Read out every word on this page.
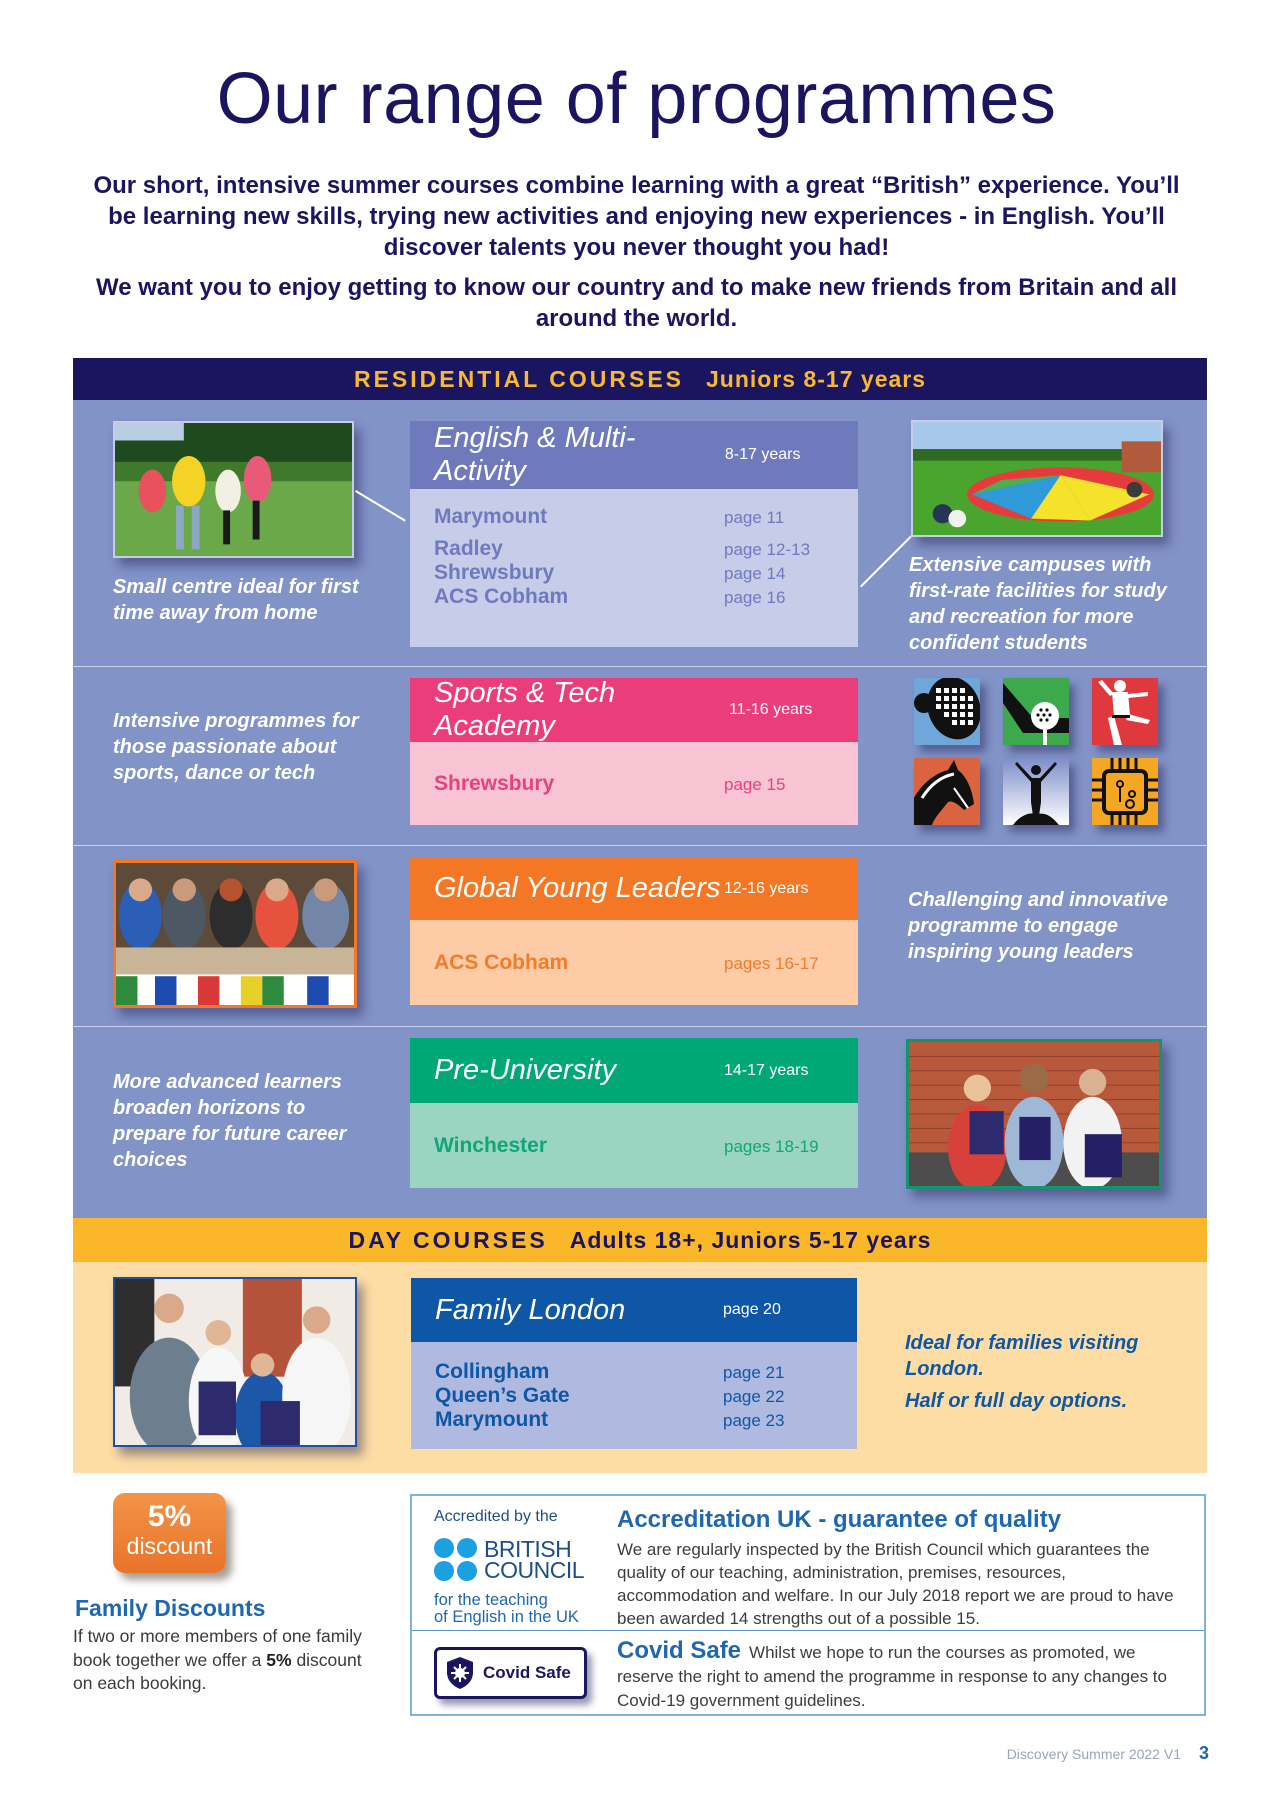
Our range of programmes

Our short, intensive summer courses combine learning with a great “British” experience. You’ll be learning new skills, trying new activities and enjoying new experiences - in English. You’ll discover talents you never thought you had!

We want you to enjoy getting to know our country and to make new friends from Britain and all around the world.

RESIDENTIAL COURSES Juniors 8-17 years
Small centre ideal for first time away from home
Extensive campuses with first-rate facilities for study and recreation for more confident students
English & Multi-Activity
8-17 years
Marymount	page 11
Radley	page 12-13
Shrewsbury	page 14
ACS Cobham	page 16
Intensive programmes for those passionate about sports, dance or tech
Sports & Tech Academy
11-16 years
Shrewsbury	page 15
Global Young Leaders 12-16 years
ACS Cobham	pages 16-17
Challenging and innovative programme to engage inspiring young leaders
More advanced learners broaden horizons to prepare for future career choices
Pre-University	14-17 years
Winchester	pages 18-19
DAY COURSES Adults 18+, Juniors 5-17 years
Family London	page 20
Collingham	page 21
Queen’s Gate	page 22
Marymount	page 23
Ideal for families visiting London.
Half or full day options.
5%
discount
Family Discounts
If two or more members of one family book together we offer a 5% discount on each booking.
Accredited by the
BRITISH
COUNCIL
for the teaching
of English in the UK
Accreditation UK - guarantee of quality
We are regularly inspected by the British Council which guarantees the quality of our teaching, administration, premises, resources, accommodation and welfare. In our July 2018 report we are proud to have been awarded 14 strengths out of a possible 15.
Covid Safe
Covid Safe Whilst we hope to run the courses as promoted, we reserve the right to amend the programme in response to any changes to Covid-19 government guidelines.
Discovery Summer 2022 V1 3
